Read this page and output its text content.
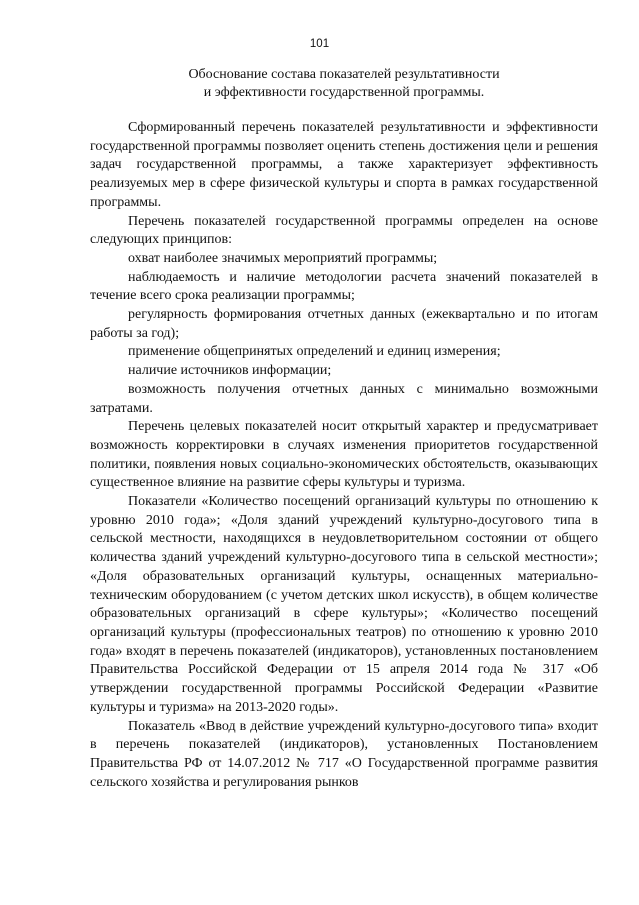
101
Обоснование состава показателей результативности
и эффективности государственной программы.

Сформированный перечень показателей результативности и эффективности государственной программы позволяет оценить степень достижения цели и решения задач государственной программы, а также характеризует эффективность реализуемых мер в сфере физической культуры и спорта в рамках государственной программы.

Перечень показателей государственной программы определен на основе следующих принципов:

охват наиболее значимых мероприятий программы;

наблюдаемость и наличие методологии расчета значений показателей в течение всего срока реализации программы;

регулярность формирования отчетных данных (ежеквартально и по итогам работы за год);

применение общепринятых определений и единиц измерения;

наличие источников информации;

возможность получения отчетных данных с минимально возможными затратами.

Перечень целевых показателей носит открытый характер и предусматривает возможность корректировки в случаях изменения приоритетов государственной политики, появления новых социально-экономических обстоятельств, оказывающих существенное влияние на развитие сферы культуры и туризма.

Показатели «Количество посещений организаций культуры по отношению к уровню 2010 года»; «Доля зданий учреждений культурно-досугового типа в сельской местности, находящихся в неудовлетворительном состоянии от общего количества зданий учреждений культурно-досугового типа в сельской местности»; «Доля образовательных организаций культуры, оснащенных материально-техническим оборудованием (с учетом детских школ искусств), в общем количестве образовательных организаций в сфере культуры»; «Количество посещений организаций культуры (профессиональных театров) по отношению к уровню 2010 года» входят в перечень показателей (индикаторов), установленных постановлением Правительства Российской Федерации от 15 апреля 2014 года № 317 «Об утверждении государственной программы Российской Федерации «Развитие культуры и туризма» на 2013-2020 годы».

Показатель «Ввод в действие учреждений культурно-досугового типа» входит в перечень показателей (индикаторов), установленных Постановлением Правительства РФ от 14.07.2012 № 717 «О Государственной программе развития сельского хозяйства и регулирования рынков
